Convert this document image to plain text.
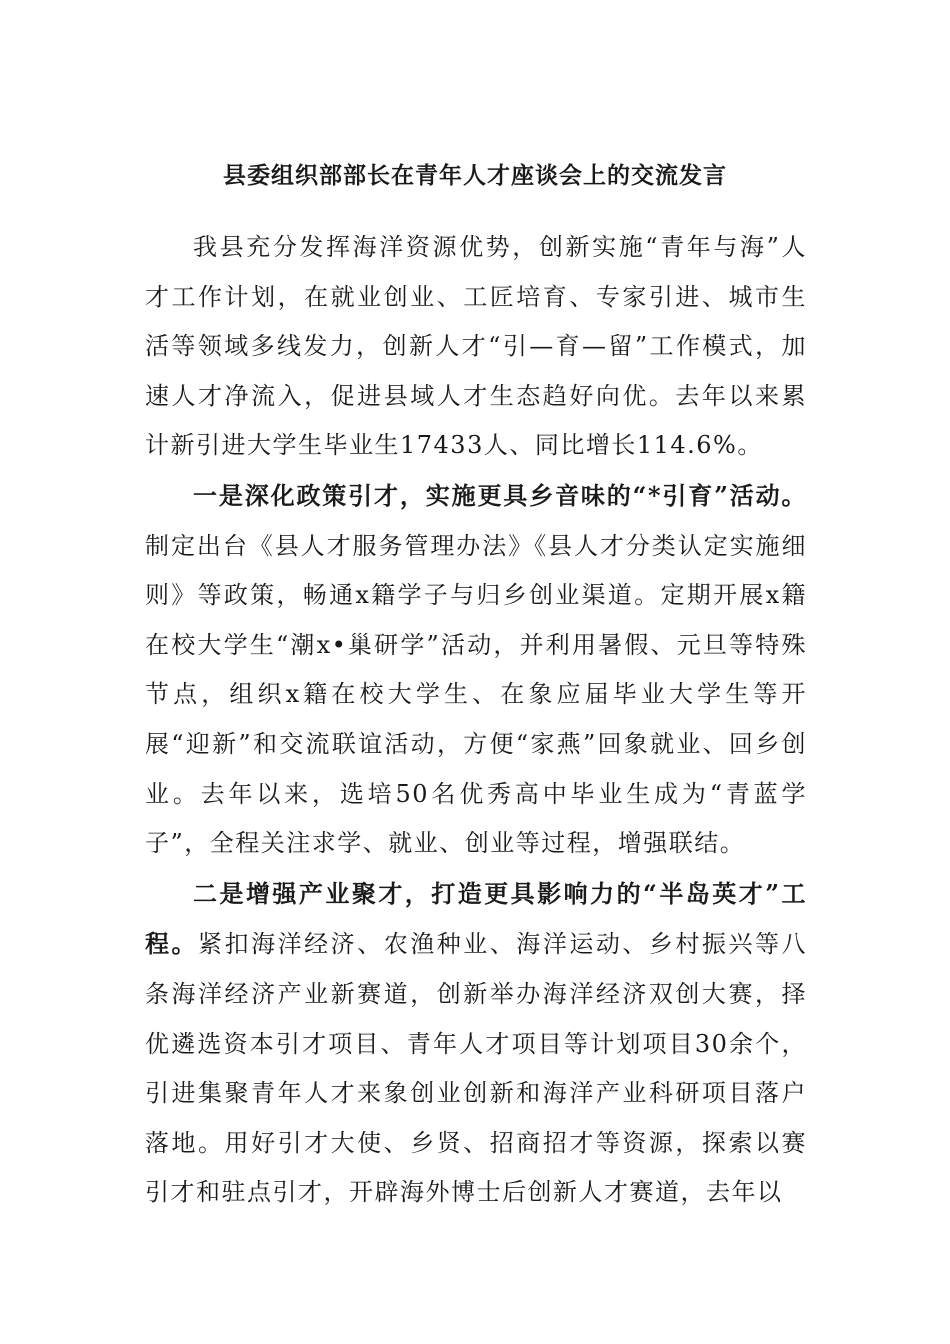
县委组织部部长在青年人才座谈会上的交流发言

我县充分发挥海洋资源优势，创新实施“青年与海”人才工作计划，在就业创业、工匠培育、专家引进、城市生活等领域多线发力，创新人才“引—育—留”工作模式，加速人才净流入，促进县域人才生态趋好向优。去年以来累计新引进大学生毕业生17433人、同比增长114.6%。

一是深化政策引才，实施更具乡音味的“*引育”活动。制定出台《县人才服务管理办法》《县人才分类认定实施细则》等政策，畅通x籍学子与归乡创业渠道。定期开展x籍在校大学生“潮x•巢研学”活动，并利用暑假、元旦等特殊节点，组织x籍在校大学生、在象应届毕业大学生等开展“迎新”和交流联谊活动，方便“家燕”回象就业、回乡创业。去年以来，选培50名优秀高中毕业生成为“青蓝学子”，全程关注求学、就业、创业等过程，增强联结。

二是增强产业聚才，打造更具影响力的“半岛英才”工程。紧扣海洋经济、农渔种业、海洋运动、乡村振兴等八条海洋经济产业新赛道，创新举办海洋经济双创大赛，择优遴选资本引才项目、青年人才项目等计划项目30余个，引进集聚青年人才来象创业创新和海洋产业科研项目落户落地。用好引才大使、乡贤、招商招才等资源，探索以赛引才和驻点引才，开辟海外博士后创新人才赛道，去年以
